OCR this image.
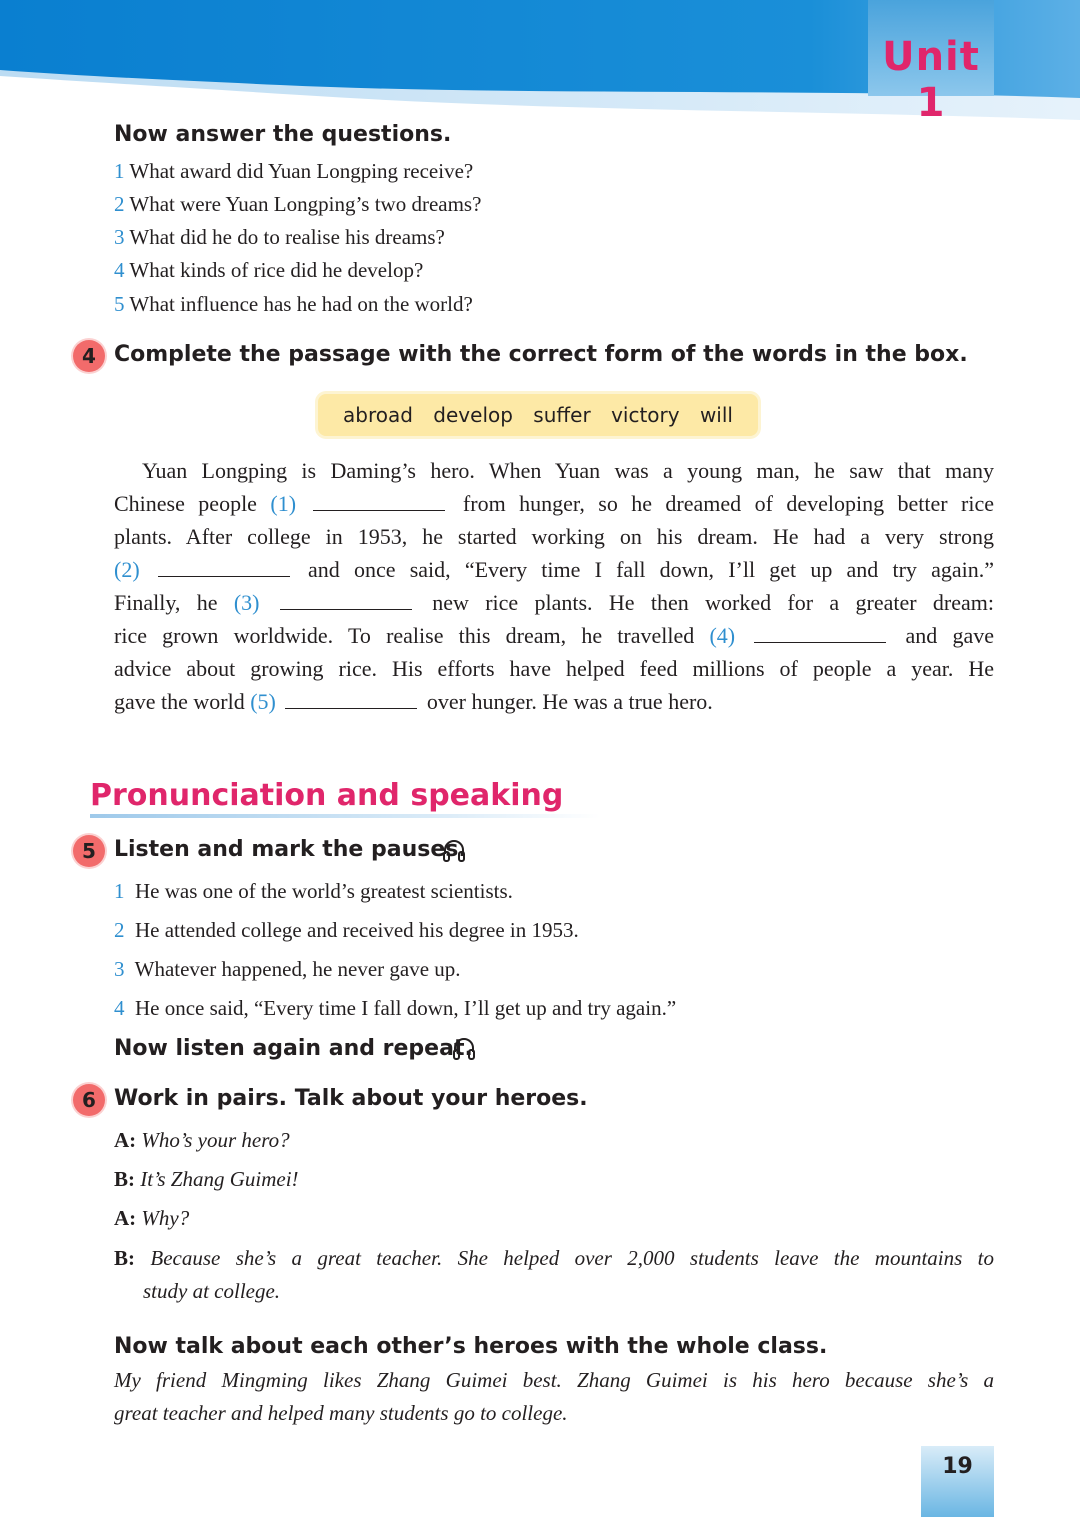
Unit 1
Now answer the questions.
1 What award did Yuan Longping receive?
2 What were Yuan Longping’s two dreams?
3 What did he do to realise his dreams?
4 What kinds of rice did he develop?
5 What influence has he had on the world?
4 Complete the passage with the correct form of the words in the box.
abroad develop suffer victory will
Yuan Longping is Daming’s hero. When Yuan was a young man, he saw that many
Chinese people (1)	from hunger, so he dreamed of developing better rice
plants. After college in 1953, he started working on his dream. He had a very strong
(2)	and once said, “Every time I fall down, I’ll get up and try again.”
Finally, he (3)	new rice plants. He then worked for a greater dream:
rice grown worldwide. To realise this dream, he travelled (4)	and gave
advice about growing rice. His efforts have helped feed millions of people a year. He
gave the world (5)	over hunger. He was a true hero.
Pronunciation and speaking
5 Listen and mark the pauses.
1 He was one of the world’s greatest scientists.
2 He attended college and received his degree in 1953.
3 Whatever happened, he never gave up.
4 He once said, “Every time I fall down, I’ll get up and try again.”
Now listen again and repeat.
6 Work in pairs. Talk about your heroes.
A: Who’s your hero?
B: It’s Zhang Guimei!
A: Why?
B: Because she’s a great teacher. She helped over 2,000 students leave the mountains to
study at college.
Now talk about each other’s heroes with the whole class.
My friend Mingming likes Zhang Guimei best. Zhang Guimei is his hero because she’s a
great teacher and helped many students go to college.
19
